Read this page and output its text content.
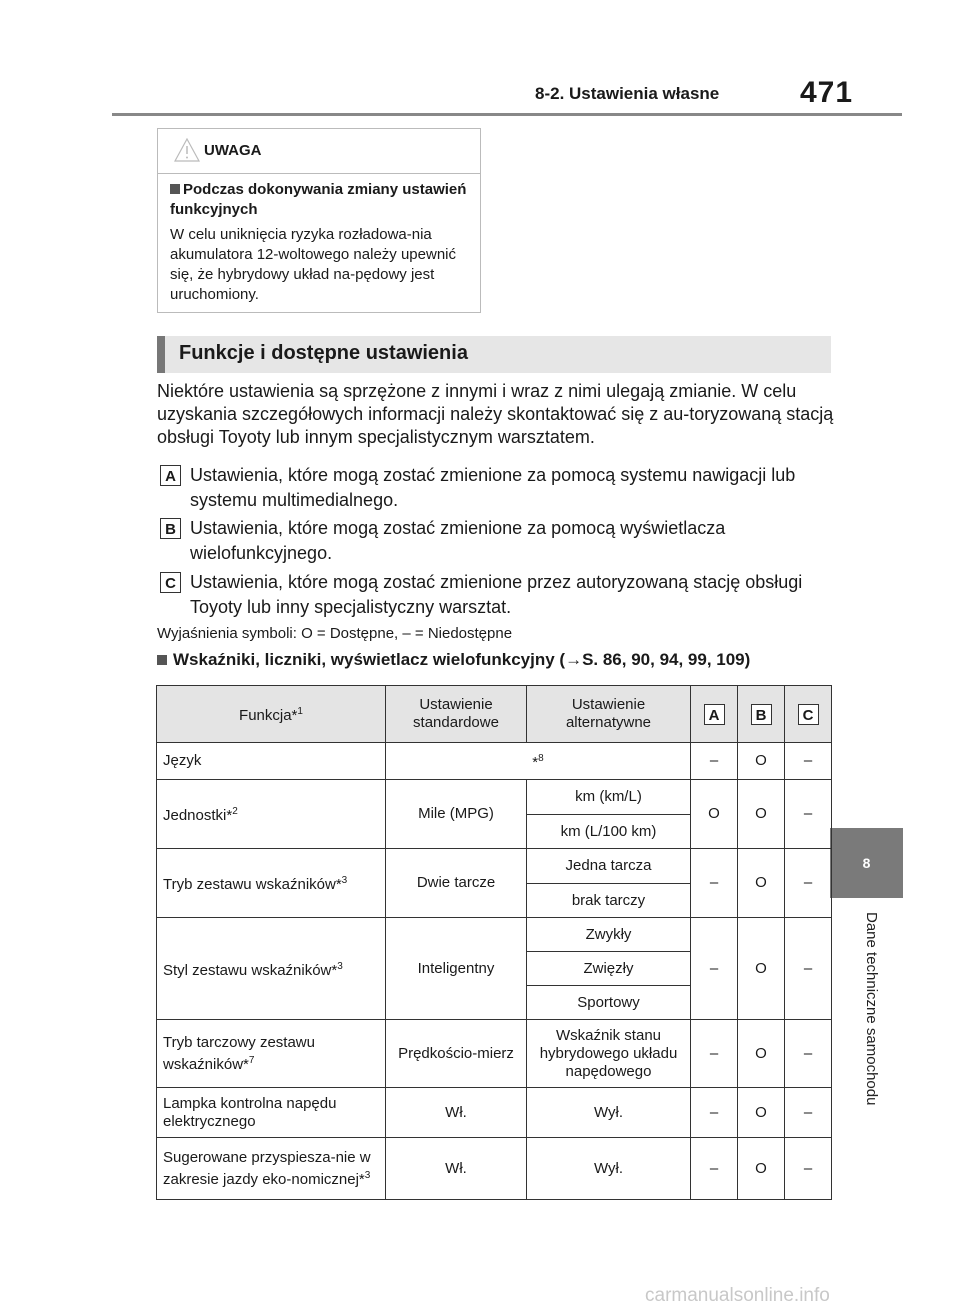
8-2. Ustawienia własne	471
8
Dane techniczne samochodu
UWAGA
Podczas dokonywania zmiany ustawień funkcyjnych
W celu uniknięcia ryzyka rozładowa-nia akumulatora 12-woltowego należy upewnić się, że hybrydowy układ na-pędowy jest uruchomiony.
Funkcje i dostępne ustawienia
Niektóre ustawienia są sprzężone z innymi i wraz z nimi ulegają zmianie. W celu uzyskania szczegółowych informacji należy skontaktować się z au-toryzowaną stacją obsługi Toyoty lub innym specjalistycznym warsztatem.
A Ustawienia, które mogą zostać zmienione za pomocą systemu nawigacji lub systemu multimedialnego.
B Ustawienia, które mogą zostać zmienione za pomocą wyświetlacza wielofunkcyjnego.
C Ustawienia, które mogą zostać zmienione przez autoryzowaną stację obsługi Toyoty lub inny specjalistyczny warsztat.
Wyjaśnienia symboli: O = Dostępne, – = Niedostępne
Wskaźniki, liczniki, wyświetlacz wielofunkcyjny (→S. 86, 90, 94, 99, 109)
Funkcja*$^1$	Ustawienie standardowe	Ustawienie alternatywne	A	B	C
Język	*$^8$		–	O	–
Jednostki*$^2$	Mile (MPG)	km (km/L)	O	O	–
		km (L/100 km)			
Tryb zestawu wskaźników*$^3$	Dwie tarcze	Jedna tarcza	–	O	–
		brak tarczy			
Styl zestawu wskaźników*$^3$	Inteligentny	Zwykły	–	O	–
		Zwięzły			
		Sportowy			
Tryb tarczowy zestawu wskaźników*$^7$	Prędkościo-mierz	Wskaźnik stanu hybrydowego układu napędowego	–	O	–
Lampka kontrolna napędu elektrycznego	Wł.	Wył.	–	O	–
Sugerowane przyspiesza-nie w zakresie jazdy eko-nomicznej*$^3$	Wł.	Wył.	–	O	–
carmanualsonline.info
